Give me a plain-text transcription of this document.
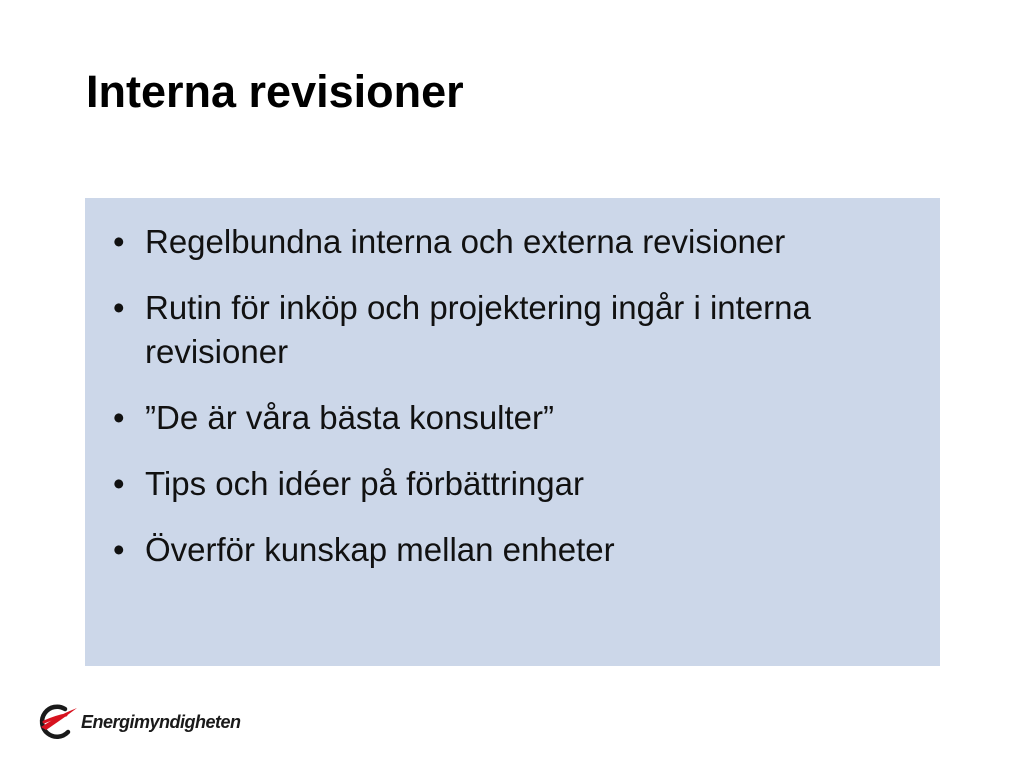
Interna revisioner
• Regelbundna interna och externa revisioner
• Rutin för inköp och projektering ingår i interna revisioner
• ”De är våra bästa konsulter”
• Tips och idéer på förbättringar
• Överför kunskap mellan enheter
Energimyndigheten
